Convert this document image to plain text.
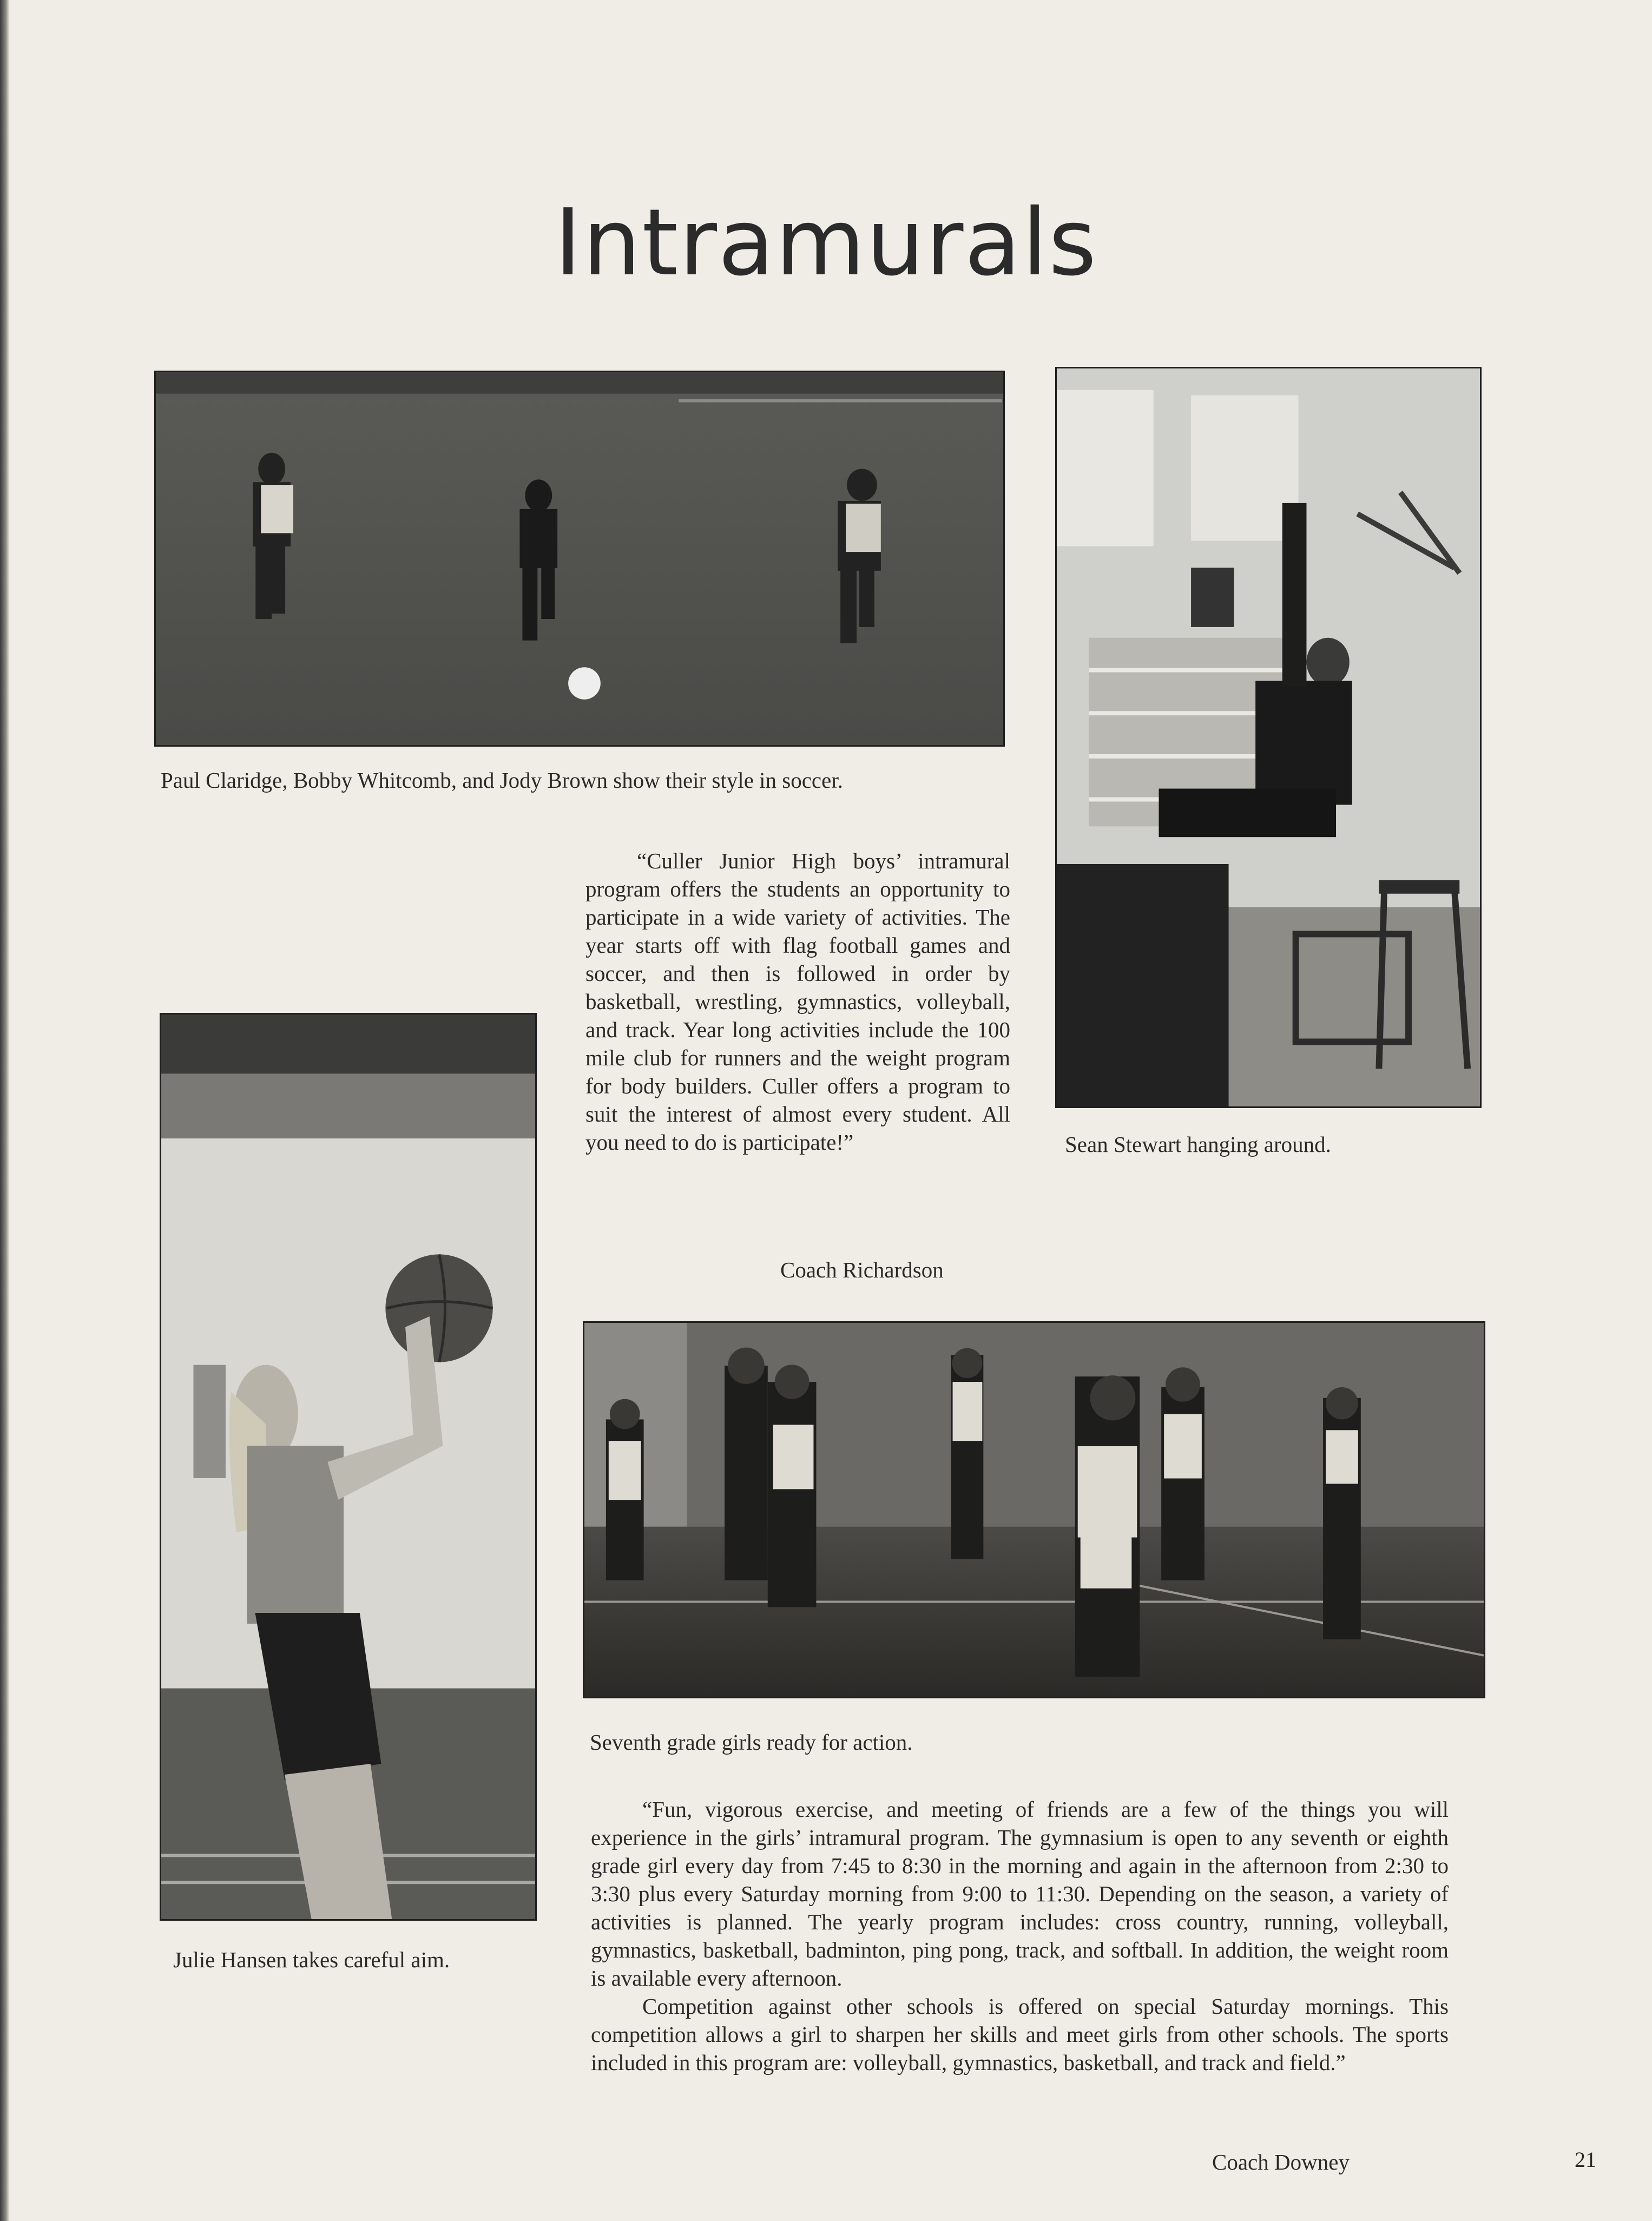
Intramurals
Paul Claridge, Bobby Whitcomb, and Jody Brown show their style in soccer.
Sean Stewart hanging around.
“Culler Junior High boys’ intramural program offers the students an opportunity to participate in a wide variety of activities. The year starts off with flag football games and soccer, and then is followed in order by basketball, wrestling, gymnastics, volleyball, and track. Year long activities include the 100 mile club for runners and the weight program for body builders. Culler offers a program to suit the interest of almost every student. All you need to do is participate!”
Coach Richardson
Julie Hansen takes careful aim.
Seventh grade girls ready for action.

“Fun, vigorous exercise, and meeting of friends are a few of the things you will experience in the girls’ intramural program. The gymnasium is open to any seventh or eighth grade girl every day from 7:45 to 8:30 in the morning and again in the afternoon from 2:30 to 3:30 plus every Saturday morning from 9:00 to 11:30. Depending on the season, a variety of activities is planned. The yearly program includes: cross country, running, volleyball, gymnastics, basketball, badminton, ping pong, track, and softball. In addition, the weight room is available every afternoon.

Competition against other schools is offered on special Saturday mornings. This competition allows a girl to sharpen her skills and meet girls from other schools. The sports included in this program are: volleyball, gymnastics, basketball, and track and field.”

Coach Downey	21
